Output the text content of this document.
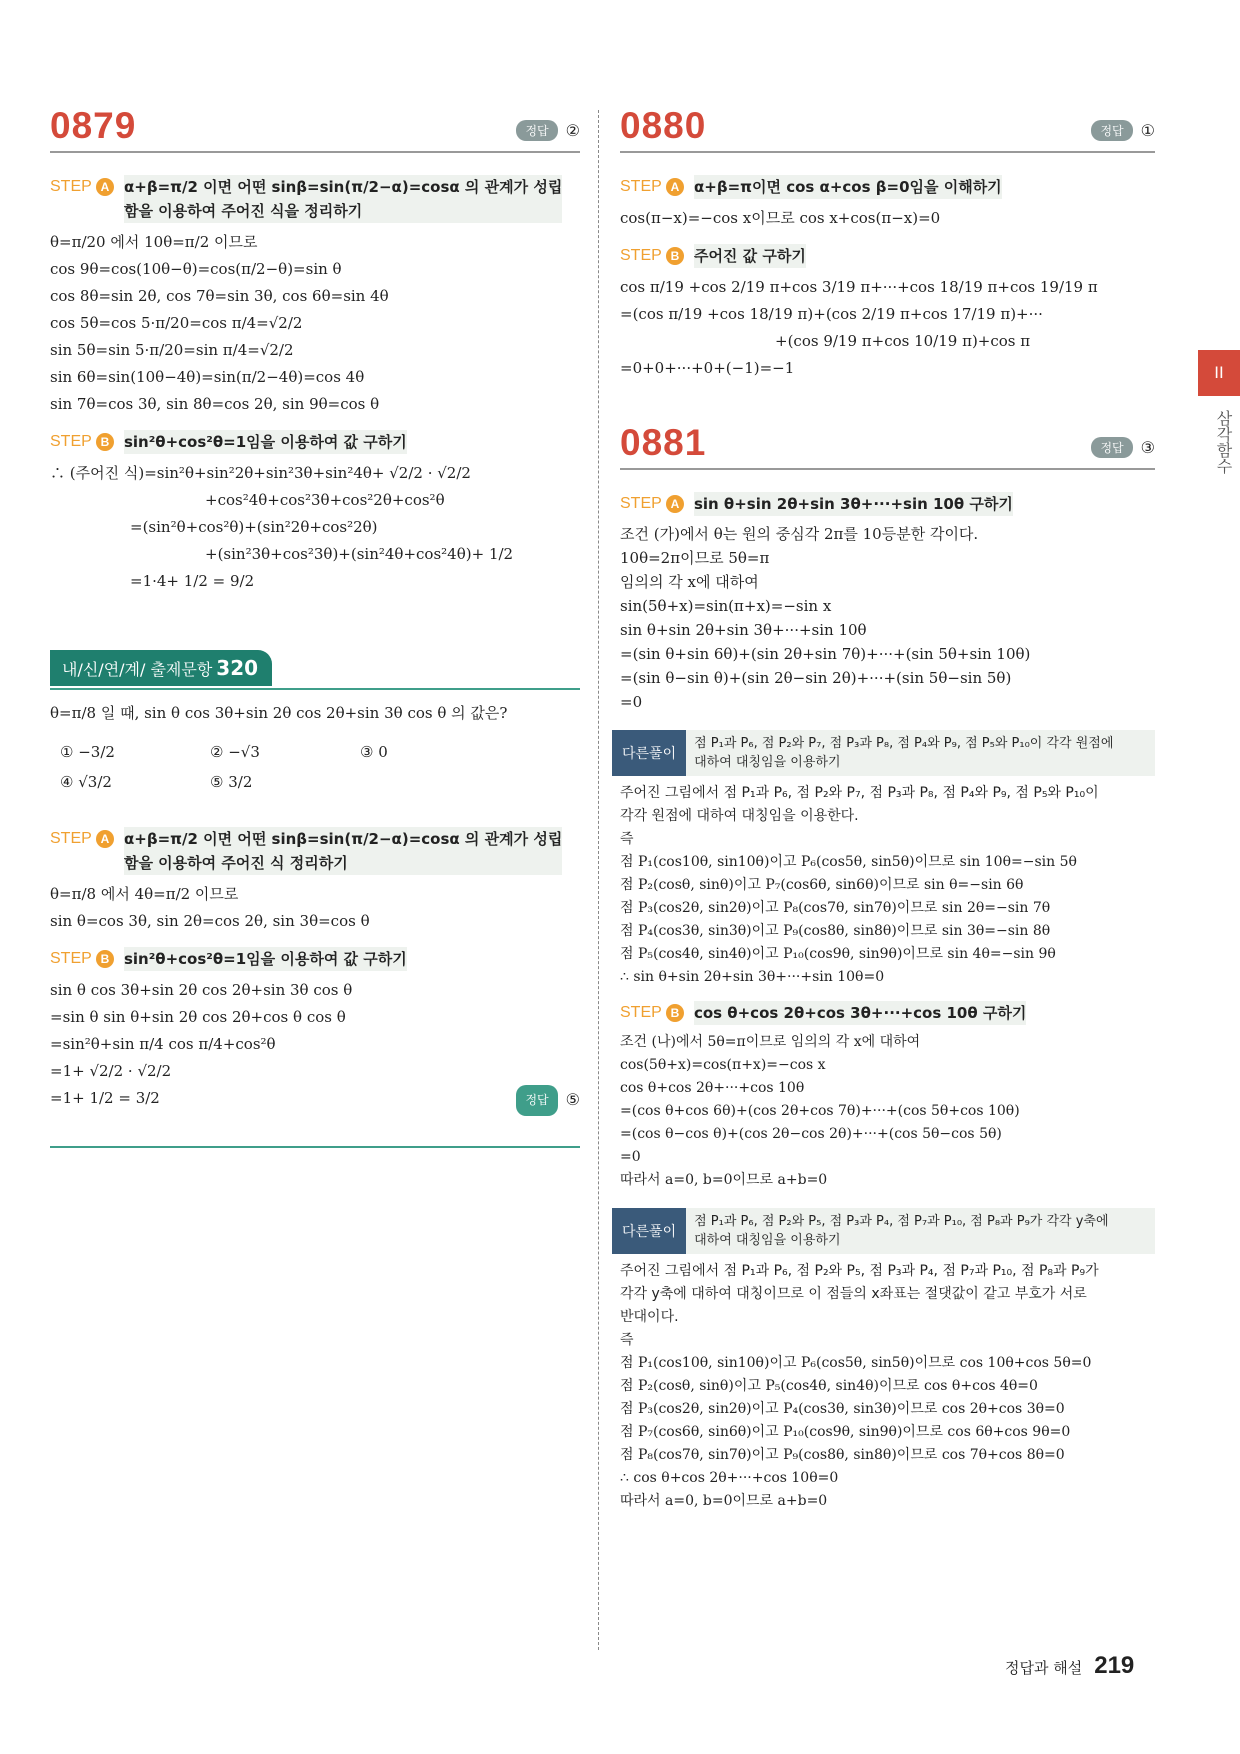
0879	정답	②
STEP A α+β=π/2 이면 어떤 sinβ=sin(π/2−α)=cosα 의 관계가 성립
함을 이용하여 주어진 식을 정리하기
θ=π/20 에서 10θ=π/2 이므로
cos 9θ=cos(10θ−θ)=cos(π/2−θ)=sin θ
cos 8θ=sin 2θ, cos 7θ=sin 3θ, cos 6θ=sin 4θ
cos 5θ=cos 5·π/20=cos π/4=√2/2
sin 5θ=sin 5·π/20=sin π/4=√2/2
sin 6θ=sin(10θ−4θ)=sin(π/2−4θ)=cos 4θ
sin 7θ=cos 3θ, sin 8θ=cos 2θ, sin 9θ=cos θ
STEP B sin²θ+cos²θ=1임을 이용하여 값 구하기
∴ (주어진 식)=sin²θ+sin²2θ+sin²3θ+sin²4θ+ √2/2 · √2/2
+cos²4θ+cos²3θ+cos²2θ+cos²θ
=(sin²θ+cos²θ)+(sin²2θ+cos²2θ)
+(sin²3θ+cos²3θ)+(sin²4θ+cos²4θ)+ 1/2
=1·4+ 1/2 = 9/2
내/신/연/계/ 출제문항 320
θ=π/8 일 때, sin θ cos 3θ+sin 2θ cos 2θ+sin 3θ cos θ 의 값은?
① −3/2	② −√3	③ 0
④ √3/2	⑤ 3/2
STEP A α+β=π/2 이면 어떤 sinβ=sin(π/2−α)=cosα 의 관계가 성립
함을 이용하여 주어진 식 정리하기
θ=π/8 에서 4θ=π/2 이므로
sin θ=cos 3θ, sin 2θ=cos 2θ, sin 3θ=cos θ
STEP B sin²θ+cos²θ=1임을 이용하여 값 구하기
sin θ cos 3θ+sin 2θ cos 2θ+sin 3θ cos θ
=sin θ sin θ+sin 2θ cos 2θ+cos θ cos θ
=sin²θ+sin π/4 cos π/4+cos²θ
=1+ √2/2 · √2/2
=1+ 1/2 = 3/2	정답	⑤
0880	정답	①
STEP A α+β=π이면 cos α+cos β=0임을 이해하기
cos(π−x)=−cos x이므로 cos x+cos(π−x)=0
STEP B 주어진 값 구하기
cos π/19 +cos 2/19 π+cos 3/19 π+···+cos 18/19 π+cos 19/19 π
=(cos π/19 +cos 18/19 π)+(cos 2/19 π+cos 17/19 π)+···
+(cos 9/19 π+cos 10/19 π)+cos π
=0+0+···+0+(−1)=−1
0881	정답	③
STEP A sin θ+sin 2θ+sin 3θ+···+sin 10θ 구하기
조건 (가)에서 θ는 원의 중심각 2π를 10등분한 각이다.
10θ=2π이므로 5θ=π
임의의 각 x에 대하여
sin(5θ+x)=sin(π+x)=−sin x
sin θ+sin 2θ+sin 3θ+···+sin 10θ
=(sin θ+sin 6θ)+(sin 2θ+sin 7θ)+···+(sin 5θ+sin 10θ)
=(sin θ−sin θ)+(sin 2θ−sin 2θ)+···+(sin 5θ−sin 5θ)
=0
다른풀이
점 P₁과 P₆, 점 P₂와 P₇, 점 P₃과 P₈, 점 P₄와 P₉, 점 P₅와 P₁₀이 각각 원점에
대하여 대칭임을 이용하기
주어진 그림에서 점 P₁과 P₆, 점 P₂와 P₇, 점 P₃과 P₈, 점 P₄와 P₉, 점 P₅와 P₁₀이
각각 원점에 대하여 대칭임을 이용한다.
즉
점 P₁(cos10θ, sin10θ)이고 P₆(cos5θ, sin5θ)이므로 sin 10θ=−sin 5θ
점 P₂(cosθ, sinθ)이고 P₇(cos6θ, sin6θ)이므로 sin θ=−sin 6θ
점 P₃(cos2θ, sin2θ)이고 P₈(cos7θ, sin7θ)이므로 sin 2θ=−sin 7θ
점 P₄(cos3θ, sin3θ)이고 P₉(cos8θ, sin8θ)이므로 sin 3θ=−sin 8θ
점 P₅(cos4θ, sin4θ)이고 P₁₀(cos9θ, sin9θ)이므로 sin 4θ=−sin 9θ
∴ sin θ+sin 2θ+sin 3θ+···+sin 10θ=0
STEP B cos θ+cos 2θ+cos 3θ+···+cos 10θ 구하기
조건 (나)에서 5θ=π이므로 임의의 각 x에 대하여
cos(5θ+x)=cos(π+x)=−cos x
cos θ+cos 2θ+···+cos 10θ
=(cos θ+cos 6θ)+(cos 2θ+cos 7θ)+···+(cos 5θ+cos 10θ)
=(cos θ−cos θ)+(cos 2θ−cos 2θ)+···+(cos 5θ−cos 5θ)
=0
따라서 a=0, b=0이므로 a+b=0
다른풀이
점 P₁과 P₆, 점 P₂와 P₅, 점 P₃과 P₄, 점 P₇과 P₁₀, 점 P₈과 P₉가 각각 y축에
대하여 대칭임을 이용하기
주어진 그림에서 점 P₁과 P₆, 점 P₂와 P₅, 점 P₃과 P₄, 점 P₇과 P₁₀, 점 P₈과 P₉가
각각 y축에 대하여 대칭이므로 이 점들의 x좌표는 절댓값이 같고 부호가 서로
반대이다.
즉
점 P₁(cos10θ, sin10θ)이고 P₆(cos5θ, sin5θ)이므로 cos 10θ+cos 5θ=0
점 P₂(cosθ, sinθ)이고 P₅(cos4θ, sin4θ)이므로 cos θ+cos 4θ=0
점 P₃(cos2θ, sin2θ)이고 P₄(cos3θ, sin3θ)이므로 cos 2θ+cos 3θ=0
점 P₇(cos6θ, sin6θ)이고 P₁₀(cos9θ, sin9θ)이므로 cos 6θ+cos 9θ=0
점 P₈(cos7θ, sin7θ)이고 P₉(cos8θ, sin8θ)이므로 cos 7θ+cos 8θ=0
∴ cos θ+cos 2θ+···+cos 10θ=0
따라서 a=0, b=0이므로 a+b=0
II
삼각함수
정답과 해설 219
